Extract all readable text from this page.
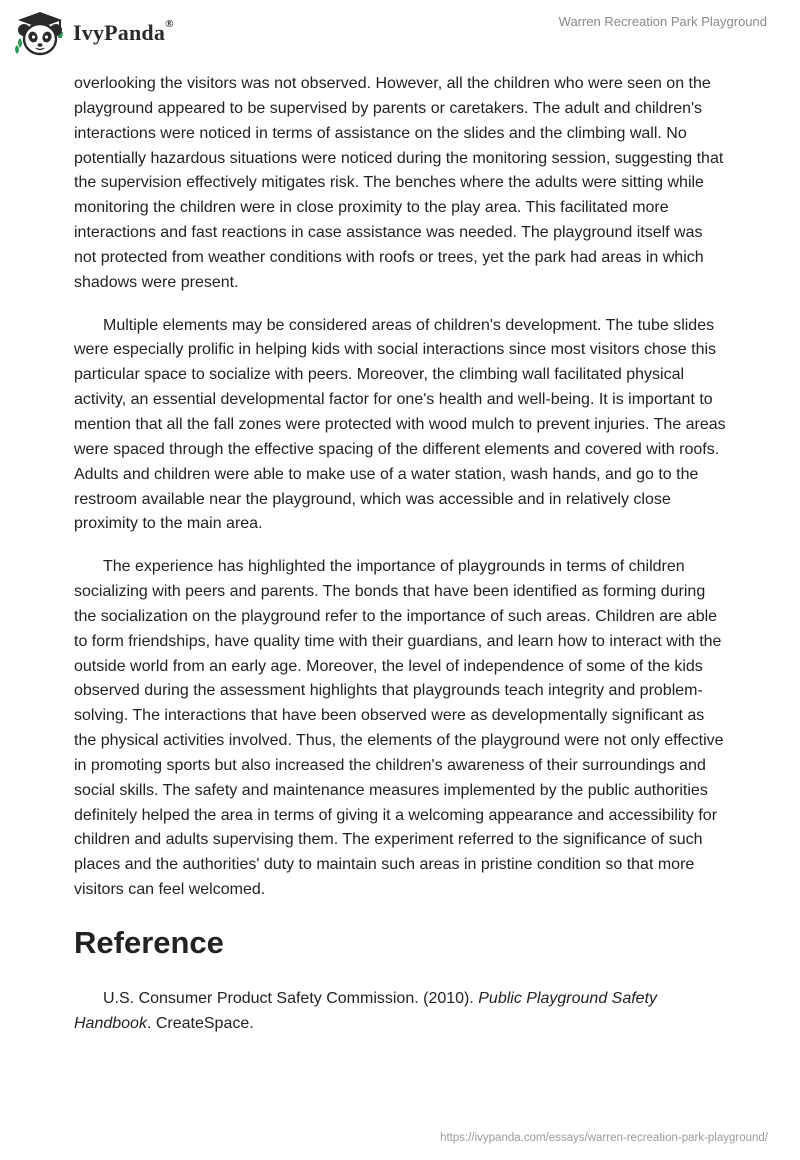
IvyPanda®	Warren Recreation Park Playground

overlooking the visitors was not observed. However, all the children who were seen on the playground appeared to be supervised by parents or caretakers. The adult and children's interactions were noticed in terms of assistance on the slides and the climbing wall. No potentially hazardous situations were noticed during the monitoring session, suggesting that the supervision effectively mitigates risk. The benches where the adults were sitting while monitoring the children were in close proximity to the play area. This facilitated more interactions and fast reactions in case assistance was needed. The playground itself was not protected from weather conditions with roofs or trees, yet the park had areas in which shadows were present.

Multiple elements may be considered areas of children's development. The tube slides were especially prolific in helping kids with social interactions since most visitors chose this particular space to socialize with peers. Moreover, the climbing wall facilitated physical activity, an essential developmental factor for one's health and well-being. It is important to mention that all the fall zones were protected with wood mulch to prevent injuries. The areas were spaced through the effective spacing of the different elements and covered with roofs. Adults and children were able to make use of a water station, wash hands, and go to the restroom available near the playground, which was accessible and in relatively close proximity to the main area.

The experience has highlighted the importance of playgrounds in terms of children socializing with peers and parents. The bonds that have been identified as forming during the socialization on the playground refer to the importance of such areas. Children are able to form friendships, have quality time with their guardians, and learn how to interact with the outside world from an early age. Moreover, the level of independence of some of the kids observed during the assessment highlights that playgrounds teach integrity and problem-solving. The interactions that have been observed were as developmentally significant as the physical activities involved. Thus, the elements of the playground were not only effective in promoting sports but also increased the children's awareness of their surroundings and social skills. The safety and maintenance measures implemented by the public authorities definitely helped the area in terms of giving it a welcoming appearance and accessibility for children and adults supervising them. The experiment referred to the significance of such places and the authorities' duty to maintain such areas in pristine condition so that more visitors can feel welcomed.

Reference

U.S. Consumer Product Safety Commission. (2010). Public Playground Safety Handbook. CreateSpace.

https://ivypanda.com/essays/warren-recreation-park-playground/
